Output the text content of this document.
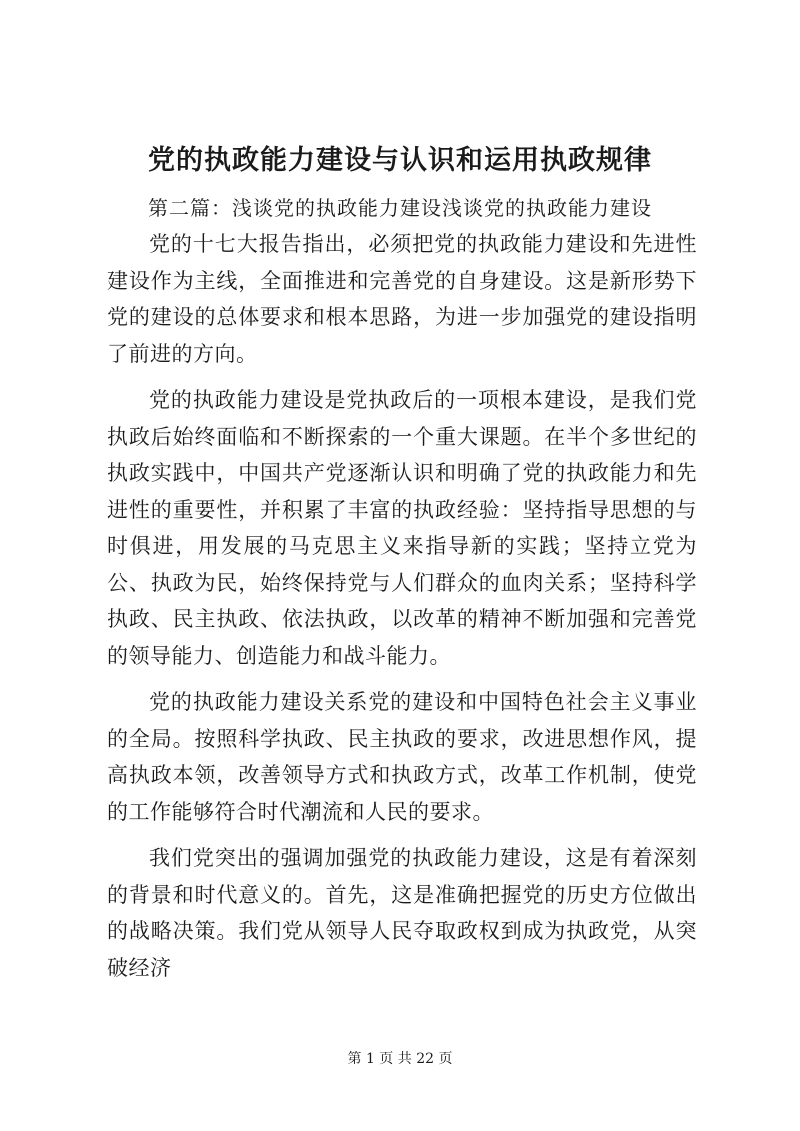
党的执政能力建设与认识和运用执政规律

第二篇：浅谈党的执政能力建设浅谈党的执政能力建设

党的十七大报告指出，必须把党的执政能力建设和先进性建设作为主线，全面推进和完善党的自身建设。这是新形势下党的建设的总体要求和根本思路，为进一步加强党的建设指明了前进的方向。

党的执政能力建设是党执政后的一项根本建设，是我们党执政后始终面临和不断探索的一个重大课题。在半个多世纪的执政实践中，中国共产党逐渐认识和明确了党的执政能力和先进性的重要性，并积累了丰富的执政经验：坚持指导思想的与时俱进，用发展的马克思主义来指导新的实践；坚持立党为公、执政为民，始终保持党与人们群众的血肉关系；坚持科学执政、民主执政、依法执政，以改革的精神不断加强和完善党的领导能力、创造能力和战斗能力。

党的执政能力建设关系党的建设和中国特色社会主义事业的全局。按照科学执政、民主执政的要求，改进思想作风，提高执政本领，改善领导方式和执政方式，改革工作机制，使党的工作能够符合时代潮流和人民的要求。

我们党突出的强调加强党的执政能力建设，这是有着深刻的背景和时代意义的。首先，这是准确把握党的历史方位做出的战略决策。我们党从领导人民夺取政权到成为执政党，从突破经济

第 1 页 共 22 页
